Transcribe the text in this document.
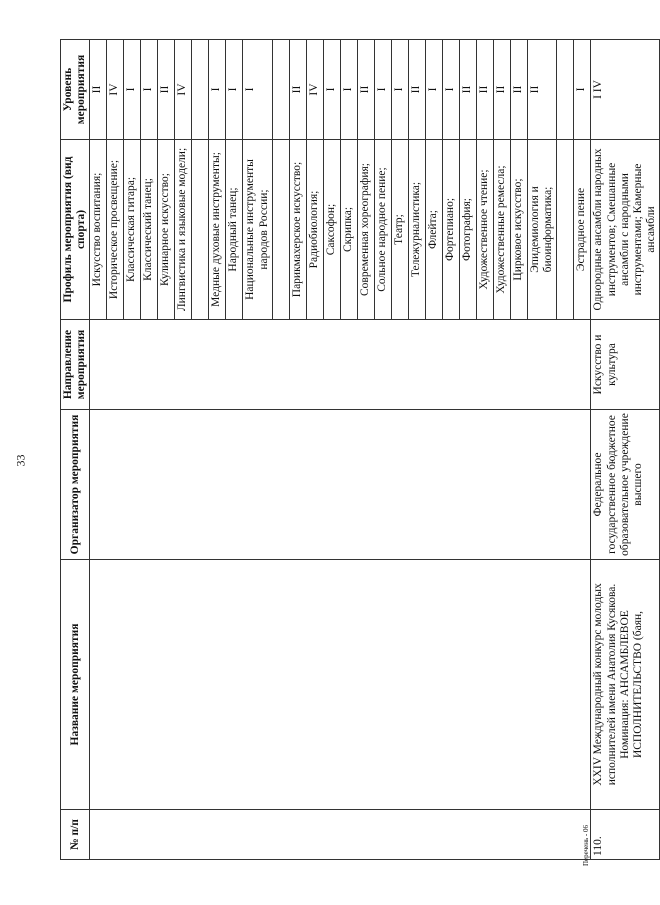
33
№ п/п	Название мероприятия	Организатор мероприятия	Направление мероприятия	Профиль мероприятия (вид спорта)	Уровень мероприятия
				Искусство воспитания;	II
				Историческое просвещение;	IV
				Классическая гитара;	I
				Классический танец;	I
				Кулинарное искусство;	II
				Лингвистика и языковые модели;	IV

				Медные духовые инструменты;	I
				Народный танец;	I
				Национальные инструменты народов России;	I

				Парикмахерское искусство;	II
				Радиобиология;	IV
				Саксофон;	I
				Скрипка;	I
				Современная хореография;	II
				Сольное народное пение;	I
				Театр;	I
				Тележурналистика;	II
				Флейта;	I
				Фортепиано;	I
				Фотография;	II
				Художественное чтение;	II
				Художественные ремесла;	II
				Цирковое искусство;	II
				Эпидемиология и биоинформатика;	II

				Эстрадное пение	I
110.	XXIV Международный конкурс молодых исполнителей имени Анатолия Кусякова. Номинация: АНСАМБЛЕВОЕ ИСПОЛНИТЕЛЬСТВО (баян,	Федеральное государственное бюджетное образовательное учреждение высшего	Искусство и культура	Однородные ансамбли народных инструментов; Смешанные ансамбли с народными инструментами; Камерные ансамбли	I IV
Перечень - 06
